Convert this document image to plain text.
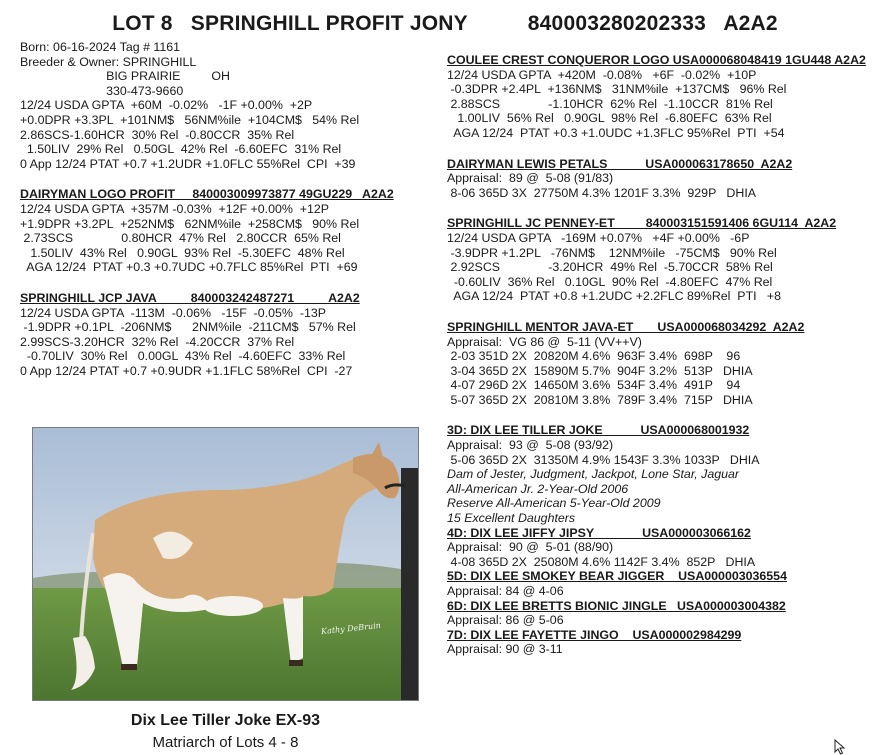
LOT 8   SPRINGHILL PROFIT JONY          840003280202333   A2A2
Born: 06-16-2024 Tag # 1161
Breeder & Owner: SPRINGHILL
BIG PRAIRIE         OH
330-473-9660
12/24 USDA GPTA  +60M  -0.02%   -1F +0.00%  +2P
+0.0DPR +3.3PL  +101NM$   56NM%ile  +104CM$   54% Rel
2.86SCS-1.60HCR  30% Rel  -0.80CCR  35% Rel
1.50LIV  29% Rel   0.50GL  42% Rel  -6.60EFC  31% Rel
0 App 12/24 PTAT +0.7 +1.2UDR +1.0FLC 55%Rel  CPI  +39
DAIRYMAN LOGO PROFIT     840003009973877 49GU229   A2A2
12/24 USDA GPTA  +357M -0.03%  +12F +0.00%  +12P
+1.9DPR +3.2PL  +252NM$   62NM%ile  +258CM$   90% Rel
2.73SCS              0.80HCR  47% Rel   2.80CCR  65% Rel
1.50LIV  43% Rel   0.90GL  93% Rel  -5.30EFC  48% Rel
AGA 12/24  PTAT +0.3 +0.7UDC +0.7FLC 85%Rel  PTI  +69
SPRINGHILL JCP JAVA          840003242487271          A2A2
12/24 USDA GPTA  -113M  -0.06%   -15F  -0.05%  -13P
-1.9DPR +0.1PL  -206NM$      2NM%ile  -211CM$   57% Rel
2.99SCS-3.20HCR  32% Rel  -4.20CCR  37% Rel
-0.70LIV  30% Rel   0.00GL  43% Rel  -4.60EFC  33% Rel
0 App 12/24 PTAT +0.7 +0.9UDR +1.1FLC 58%Rel  CPI  -27
COULEE CREST CONQUEROR LOGO USA000068048419 1GU448 A2A2
12/24 USDA GPTA  +420M  -0.08%   +6F  -0.02%  +10P
-0.3DPR +2.4PL  +136NM$   31NM%ile  +137CM$   96% Rel
2.88SCS              -1.10HCR  62% Rel  -1.10CCR  81% Rel
1.00LIV  56% Rel   0.90GL  98% Rel  -6.80EFC  63% Rel
AGA 12/24  PTAT +0.3 +1.0UDC +1.3FLC 95%Rel  PTI  +54
DAIRYMAN LEWIS PETALS           USA000063178650  A2A2
Appraisal:  89 @  5-08 (91/83)
8-06 365D 3X  27750M 4.3% 1201F 3.3%  929P   DHIA
SPRINGHILL JC PENNEY-ET         840003151591406 6GU114  A2A2
12/24 USDA GPTA   -169M +0.07%   +4F +0.00%   -6P
-3.9DPR +1.2PL   -76NM$    12NM%ile   -75CM$   90% Rel
2.92SCS              -3.20HCR  49% Rel  -5.70CCR  58% Rel
-0.60LIV  36% Rel   0.10GL  90% Rel  -4.80EFC  47% Rel
AGA 12/24  PTAT +0.8 +1.2UDC +2.2FLC 89%Rel  PTI   +8
SPRINGHILL MENTOR JAVA-ET       USA000068034292  A2A2
Appraisal:  VG 86 @  5-11 (VV++V)
2-03 351D 2X  20820M 4.6%  963F 3.4%  698P    96
3-04 365D 2X  15890M 5.7%  904F 3.2%  513P   DHIA
4-07 296D 2X  14650M 3.6%  534F 3.4%  491P    94
5-07 365D 2X  20810M 3.8%  789F 3.4%  715P   DHIA
3D: DIX LEE TILLER JOKE           USA000068001932
Appraisal:  93 @  5-08 (93/92)
5-06 365D 2X  31350M 4.9% 1543F 3.3% 1033P   DHIA
Dam of Jester, Judgment, Jackpot, Lone Star, Jaguar
All-American Jr. 2-Year-Old 2006
Reserve All-American 5-Year-Old 2009
15 Excellent Daughters
4D: DIX LEE JIFFY JIPSY              USA000003066162
Appraisal:  90 @  5-01 (88/90)
4-08 365D 2X  25080M 4.6% 1142F 3.4%  852P   DHIA
5D: DIX LEE SMOKEY BEAR JIGGER    USA000003036554
Appraisal: 84 @ 4-06
6D: DIX LEE BRETTS BIONIC JINGLE   USA000003004382
Appraisal: 86 @ 5-06
7D: DIX LEE FAYETTE JINGO    USA000002984299
Appraisal: 90 @ 3-11
Kathy DeBruin
Dix Lee Tiller Joke EX-93
Matriarch of Lots 4 - 8
